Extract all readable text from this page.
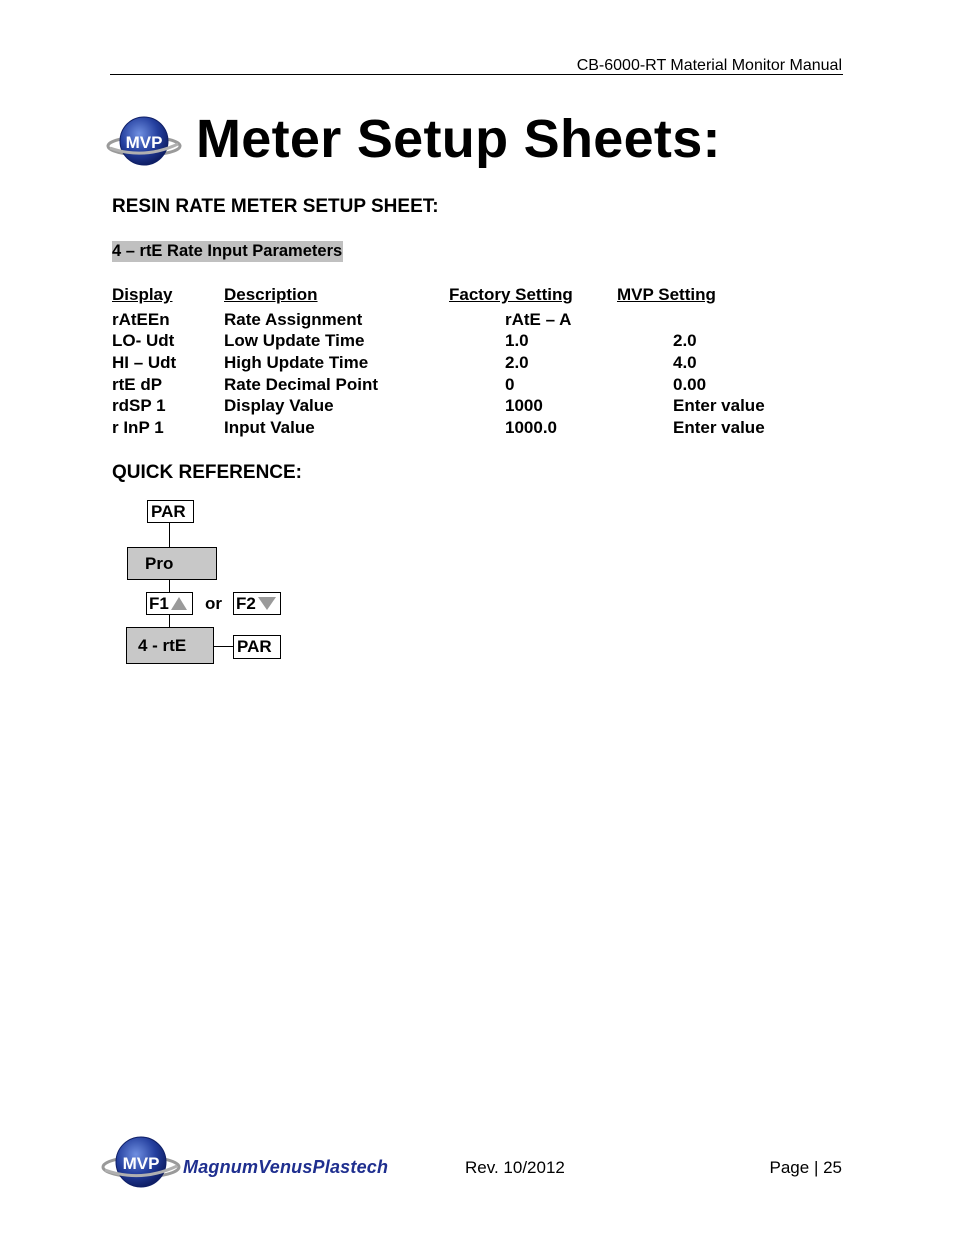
CB-6000-RT Material Monitor Manual
MVP Meter Setup Sheets:
RESIN RATE METER SETUP SHEET:
4 – rtE Rate Input Parameters
Display	Description	Factory Setting	MVP Setting
rAtEEn	Rate Assignment	rAtE – A
LO- Udt	Low Update Time	1.0	2.0
HI – Udt	High Update Time	2.0	4.0
rtE dP	Rate Decimal Point	0	0.00
rdSP 1	Display Value	1000	Enter value
r InP 1	Input Value	1000.0	Enter value
QUICK REFERENCE:
PAR
Pro
F1 or F2
4 - rtE	PAR
MVP MagnumVenusPlastech	Rev. 10/2012	Page | 25
